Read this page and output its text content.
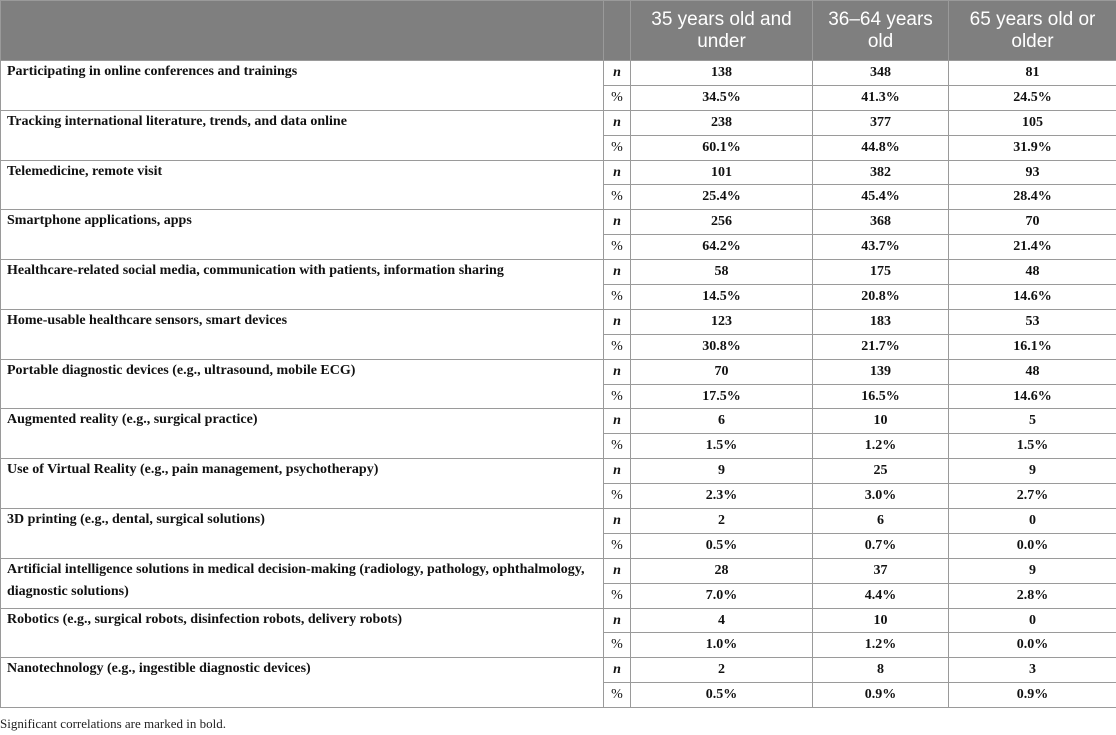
		35 years old and under	36–64 years old	65 years old or older
Participating in online conferences and trainings	n	138	348	81
	%	34.5%	41.3%	24.5%
Tracking international literature, trends, and data online	n	238	377	105
	%	60.1%	44.8%	31.9%
Telemedicine, remote visit	n	101	382	93
	%	25.4%	45.4%	28.4%
Smartphone applications, apps	n	256	368	70
	%	64.2%	43.7%	21.4%
Healthcare-related social media, communication with patients, information sharing	n	58	175	48
	%	14.5%	20.8%	14.6%
Home-usable healthcare sensors, smart devices	n	123	183	53
	%	30.8%	21.7%	16.1%
Portable diagnostic devices (e.g., ultrasound, mobile ECG)	n	70	139	48
	%	17.5%	16.5%	14.6%
Augmented reality (e.g., surgical practice)	n	6	10	5
	%	1.5%	1.2%	1.5%
Use of Virtual Reality (e.g., pain management, psychotherapy)	n	9	25	9
	%	2.3%	3.0%	2.7%
3D printing (e.g., dental, surgical solutions)	n	2	6	0
	%	0.5%	0.7%	0.0%
Artificial intelligence solutions in medical decision-making (radiology, pathology, ophthalmology, diagnostic solutions)	n	28	37	9
	%	7.0%	4.4%	2.8%
Robotics (e.g., surgical robots, disinfection robots, delivery robots)	n	4	10	0
	%	1.0%	1.2%	0.0%
Nanotechnology (e.g., ingestible diagnostic devices)	n	2	8	3
	%	0.5%	0.9%	0.9%
Significant correlations are marked in bold.
